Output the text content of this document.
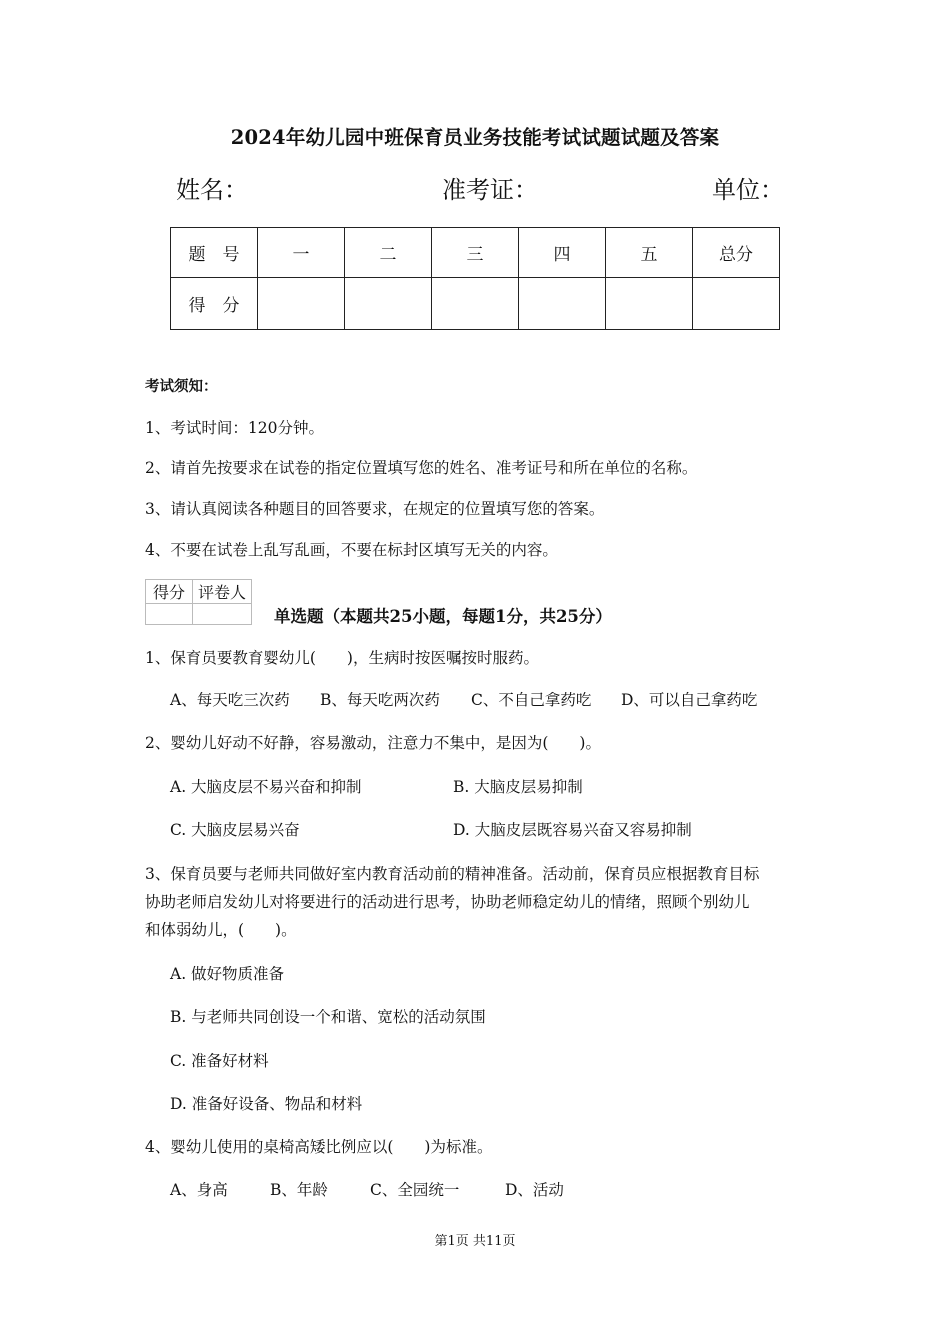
2024年幼儿园中班保育员业务技能考试试题试题及答案
姓名：	准考证：	单位：
题　号	一	二	三	四	五	总分
得　分						
考试须知：
1、考试时间：120分钟。
2、请首先按要求在试卷的指定位置填写您的姓名、准考证号和所在单位的名称。
3、请认真阅读各种题目的回答要求，在规定的位置填写您的答案。
4、不要在试卷上乱写乱画，不要在标封区填写无关的内容。
得分	评卷人

单选题（本题共25小题，每题1分，共25分）
1、保育员要教育婴幼儿(　　)，生病时按医嘱按时服药。
A、每天吃三次药 B、每天吃两次药 C、不自己拿药吃 D、可以自己拿药吃
2、婴幼儿好动不好静，容易激动，注意力不集中，是因为(　　)。
A. 大脑皮层不易兴奋和抑制	B. 大脑皮层易抑制
C. 大脑皮层易兴奋	D. 大脑皮层既容易兴奋又容易抑制
3、保育员要与老师共同做好室内教育活动前的精神准备。活动前，保育员应根据教育目标
协助老师启发幼儿对将要进行的活动进行思考，协助老师稳定幼儿的情绪，照顾个别幼儿
和体弱幼儿，(　　)。
A. 做好物质准备
B. 与老师共同创设一个和谐、宽松的活动氛围
C. 准备好材料
D. 准备好设备、物品和材料
4、婴幼儿使用的桌椅高矮比例应以(　　)为标准。
A、身高	B、年龄	C、全园统一	D、活动
第1页 共11页
